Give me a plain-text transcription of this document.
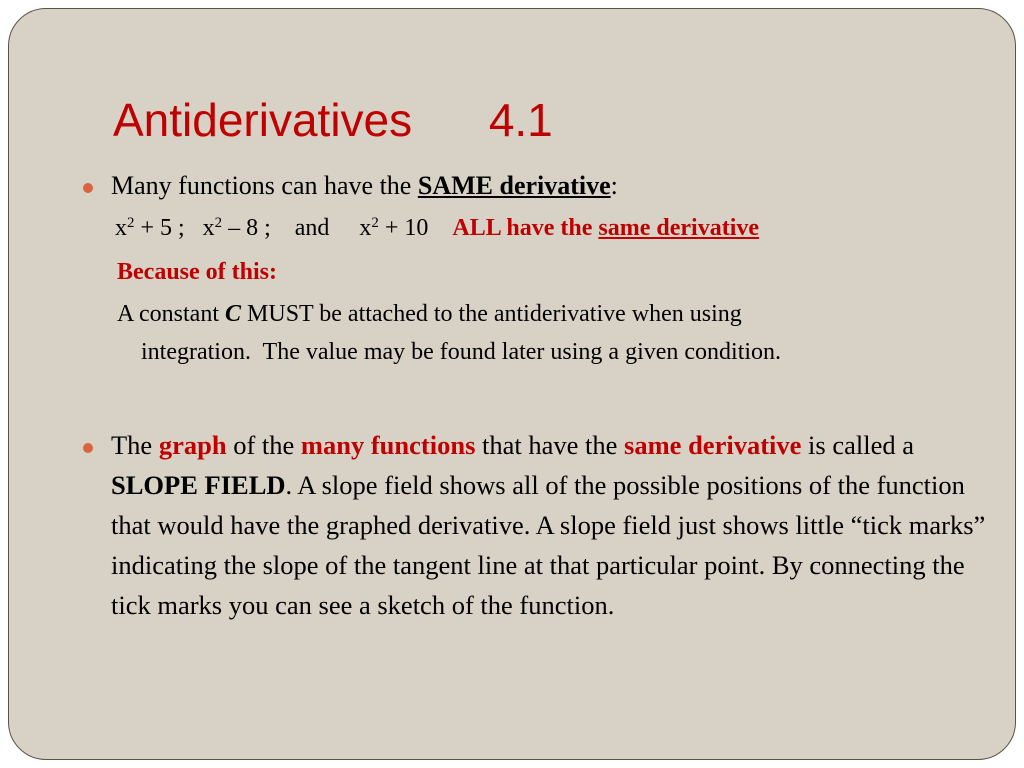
Antiderivatives      4.1
Many functions can have the SAME derivative:
$x^2 + 5$ ;   $x^2 - 8$ ;    and     $x^2 + 10$    ALL have the same derivative
Because of this:
A constant C MUST be attached to the antiderivative when using
integration.  The value may be found later using a given condition.
The graph of the many functions that have the same derivative is called a SLOPE FIELD. A slope field shows all of the possible positions of the function that would have the graphed derivative. A slope field just shows little “tick marks” indicating the slope of the tangent line at that particular point. By connecting the tick marks you can see a sketch of the function.
